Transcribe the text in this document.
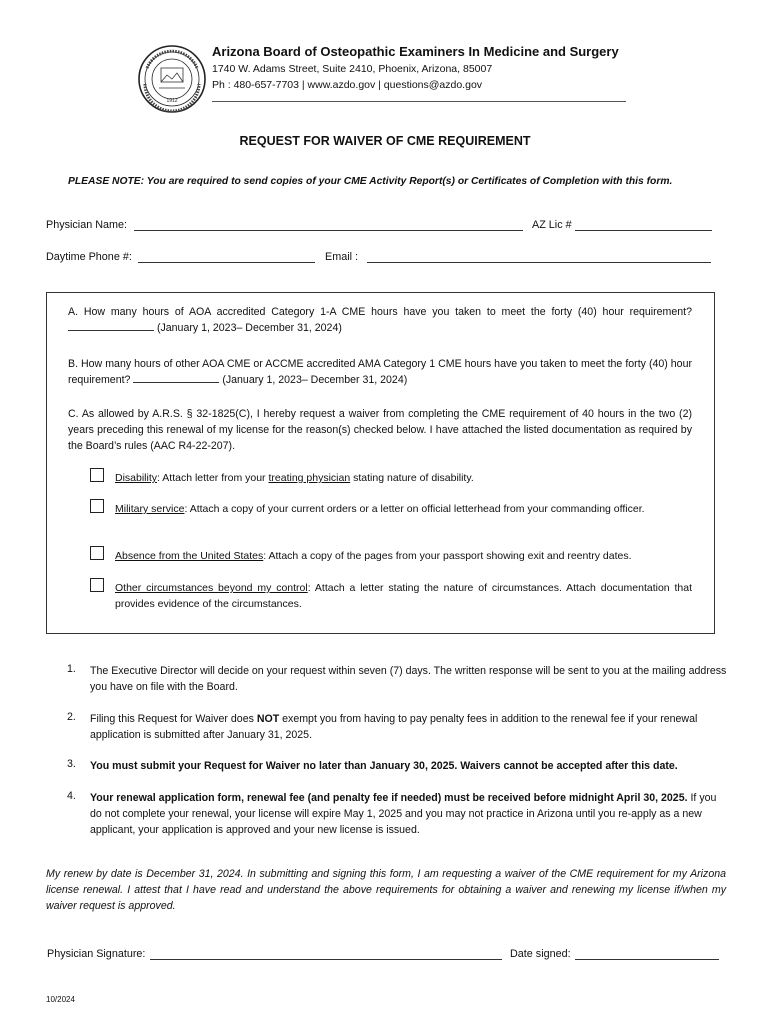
1912
Arizona Board of Osteopathic Examiners In Medicine and Surgery
1740 W. Adams Street, Suite 2410, Phoenix, Arizona, 85007
Ph : 480-657-7703 | www.azdo.gov | questions@azdo.gov
REQUEST FOR WAIVER OF CME REQUIREMENT
PLEASE NOTE: You are required to send copies of your CME Activity Report(s) or Certificates of Completion with this form.
Physician Name:	AZ Lic #
Daytime Phone #:	Email :
A. How many hours of AOA accredited Category 1-A CME hours have you taken to meet the forty (40) hour requirement?  (January 1, 2023– December 31, 2024)
B. How many hours of other AOA CME or ACCME accredited AMA Category 1 CME hours have you taken to meet the forty (40) hour requirement?	(January 1, 2023– December 31, 2024)
C. As allowed by A.R.S. § 32-1825(C), I hereby request a waiver from completing the CME requirement of 40 hours in the two (2) years preceding this renewal of my license for the reason(s) checked below. I have attached the listed documentation as required by the Board’s rules (AAC R4-22-207).
Disability: Attach letter from your treating physician stating nature of disability.
Military service: Attach a copy of your current orders or a letter on official letterhead from your commanding officer.
Absence from the United States: Attach a copy of the pages from your passport showing exit and reentry dates.
Other circumstances beyond my control: Attach a letter stating the nature of circumstances. Attach documentation that provides evidence of the circumstances.
1. The Executive Director will decide on your request within seven (7) days. The written response will be sent to you at the mailing address you have on file with the Board.
2. Filing this Request for Waiver does NOT exempt you from having to pay penalty fees in addition to the renewal fee if your renewal application is submitted after January 31, 2025.
3. You must submit your Request for Waiver no later than January 30, 2025. Waivers cannot be accepted after this date.
4. Your renewal application form, renewal fee (and penalty fee if needed) must be received before midnight April 30, 2025. If you do not complete your renewal, your license will expire May 1, 2025 and you may not practice in Arizona until you re-apply as a new applicant, your application is approved and your new license is issued.
My renew by date is December 31, 2024. In submitting and signing this form, I am requesting a waiver of the CME requirement for my Arizona license renewal. I attest that I have read and understand the above requirements for obtaining a waiver and renewing my license if/when my waiver request is approved.
Physician Signature:	Date signed:
10/2024
